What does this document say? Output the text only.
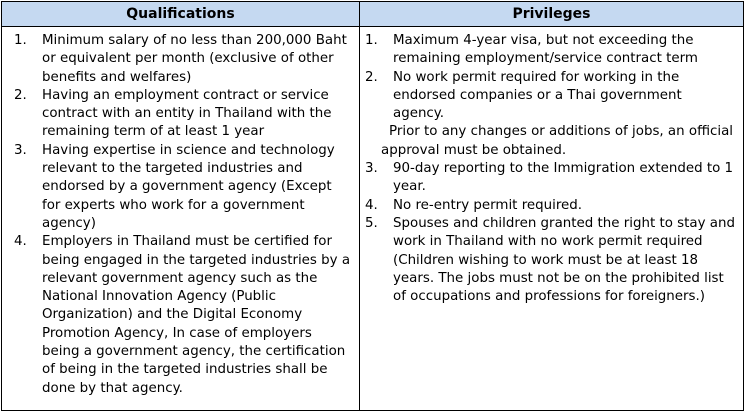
Qualifications	Privileges
1. Minimum salary of no less than 200,000 Baht or equivalent per month (exclusive of other benefits and welfares)
2. Having an employment contract or service contract with an entity in Thailand with the remaining term of at least 1 year
3. Having expertise in science and technology relevant to the targeted industries and endorsed by a government agency (Except for experts who work for a government agency)
4. Employers in Thailand must be certified for being engaged in the targeted industries by a relevant government agency such as the National Innovation Agency (Public Organization) and the Digital Economy Promotion Agency, In case of employers being a government agency, the certification of being in the targeted industries shall be done by that agency.
1. Maximum 4-year visa, but not exceeding the remaining employment/service contract term
2. No work permit required for working in the endorsed companies or a Thai government agency.
Prior to any changes or additions of jobs, an official approval must be obtained.
3. 90-day reporting to the Immigration extended to 1 year.
4. No re-entry permit required.
5. Spouses and children granted the right to stay and work in Thailand with no work permit required (Children wishing to work must be at least 18 years. The jobs must not be on the prohibited list of occupations and professions for foreigners.)
